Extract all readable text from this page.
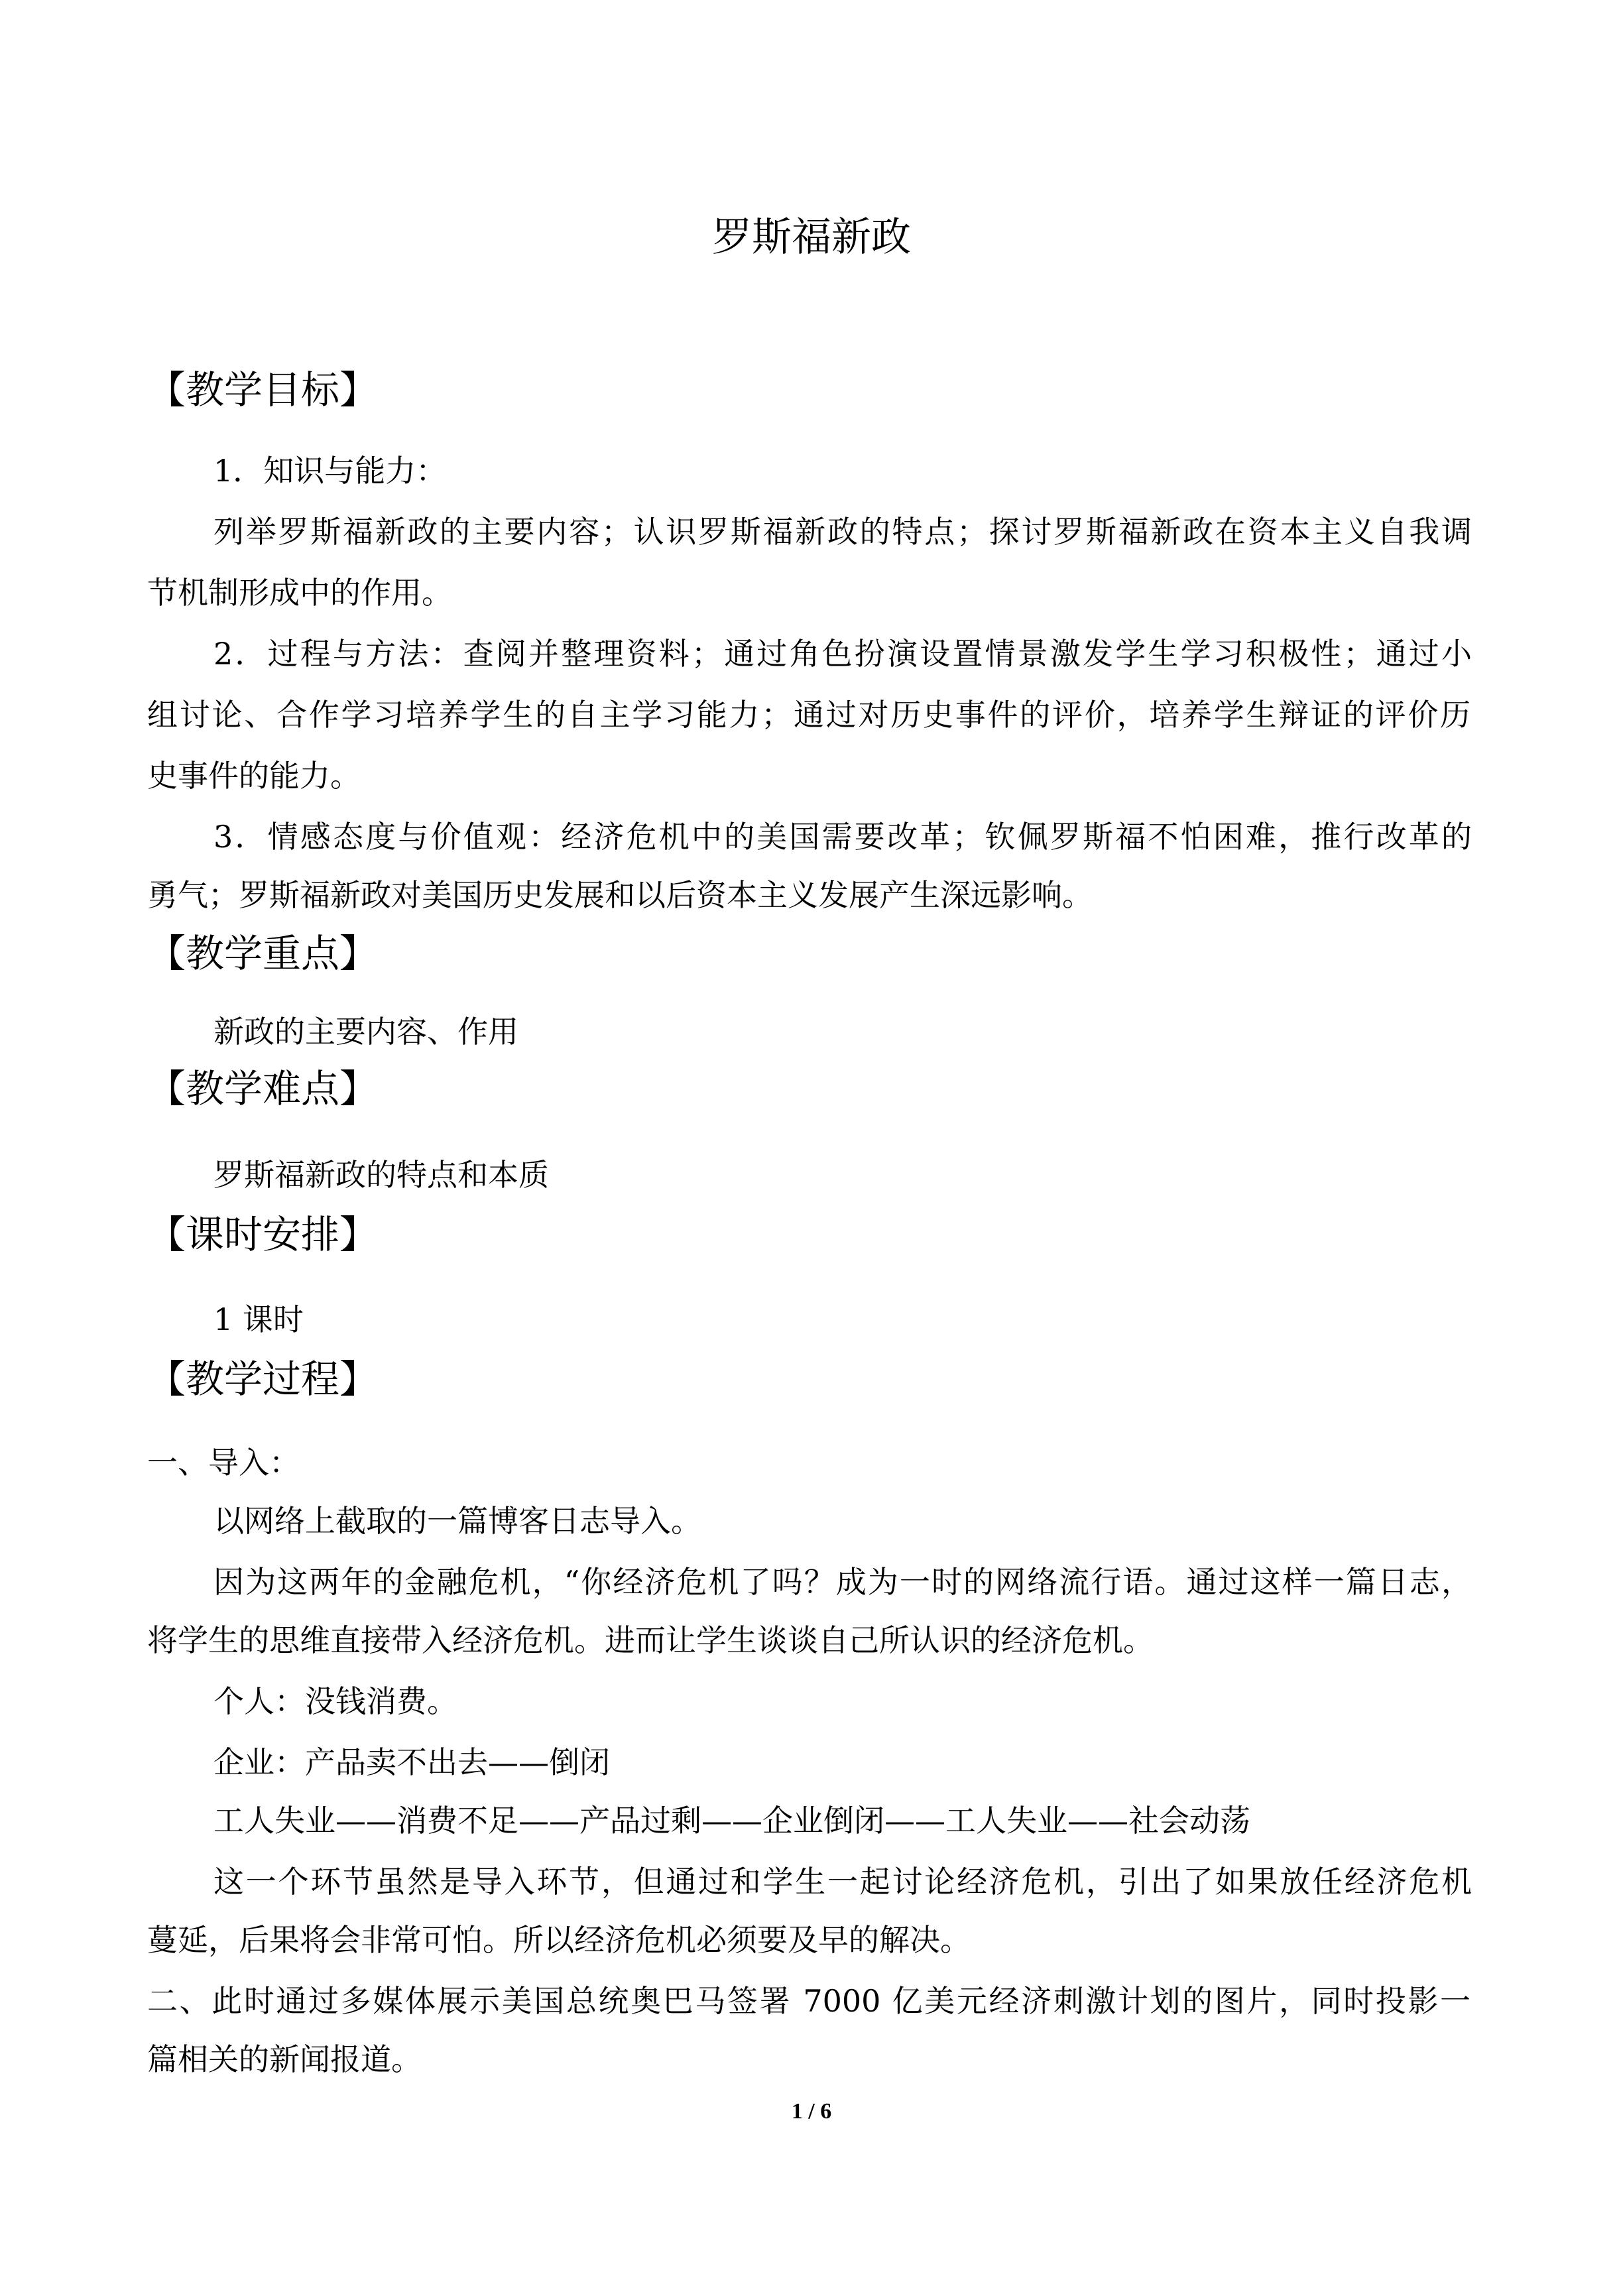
罗斯福新政
【教学目标】
1．知识与能力：
列举罗斯福新政的主要内容；认识罗斯福新政的特点；探讨罗斯福新政在资本主义自我调
节机制形成中的作用。
2．过程与方法：查阅并整理资料；通过角色扮演设置情景激发学生学习积极性；通过小
组讨论、合作学习培养学生的自主学习能力；通过对历史事件的评价，培养学生辩证的评价历
史事件的能力。
3．情感态度与价值观：经济危机中的美国需要改革；钦佩罗斯福不怕困难，推行改革的
勇气；罗斯福新政对美国历史发展和以后资本主义发展产生深远影响。
【教学重点】
新政的主要内容、作用
【教学难点】
罗斯福新政的特点和本质
【课时安排】
1 课时
【教学过程】
一、导入：
以网络上截取的一篇博客日志导入。
因为这两年的金融危机，“你经济危机了吗？成为一时的网络流行语。通过这样一篇日志，
将学生的思维直接带入经济危机。进而让学生谈谈自己所认识的经济危机。
个人：没钱消费。
企业：产品卖不出去——倒闭
工人失业——消费不足——产品过剩——企业倒闭——工人失业——社会动荡
这一个环节虽然是导入环节，但通过和学生一起讨论经济危机，引出了如果放任经济危机
蔓延，后果将会非常可怕。所以经济危机必须要及早的解决。
二、此时通过多媒体展示美国总统奥巴马签署 7000 亿美元经济刺激计划的图片，同时投影一
篇相关的新闻报道。
1 / 6
